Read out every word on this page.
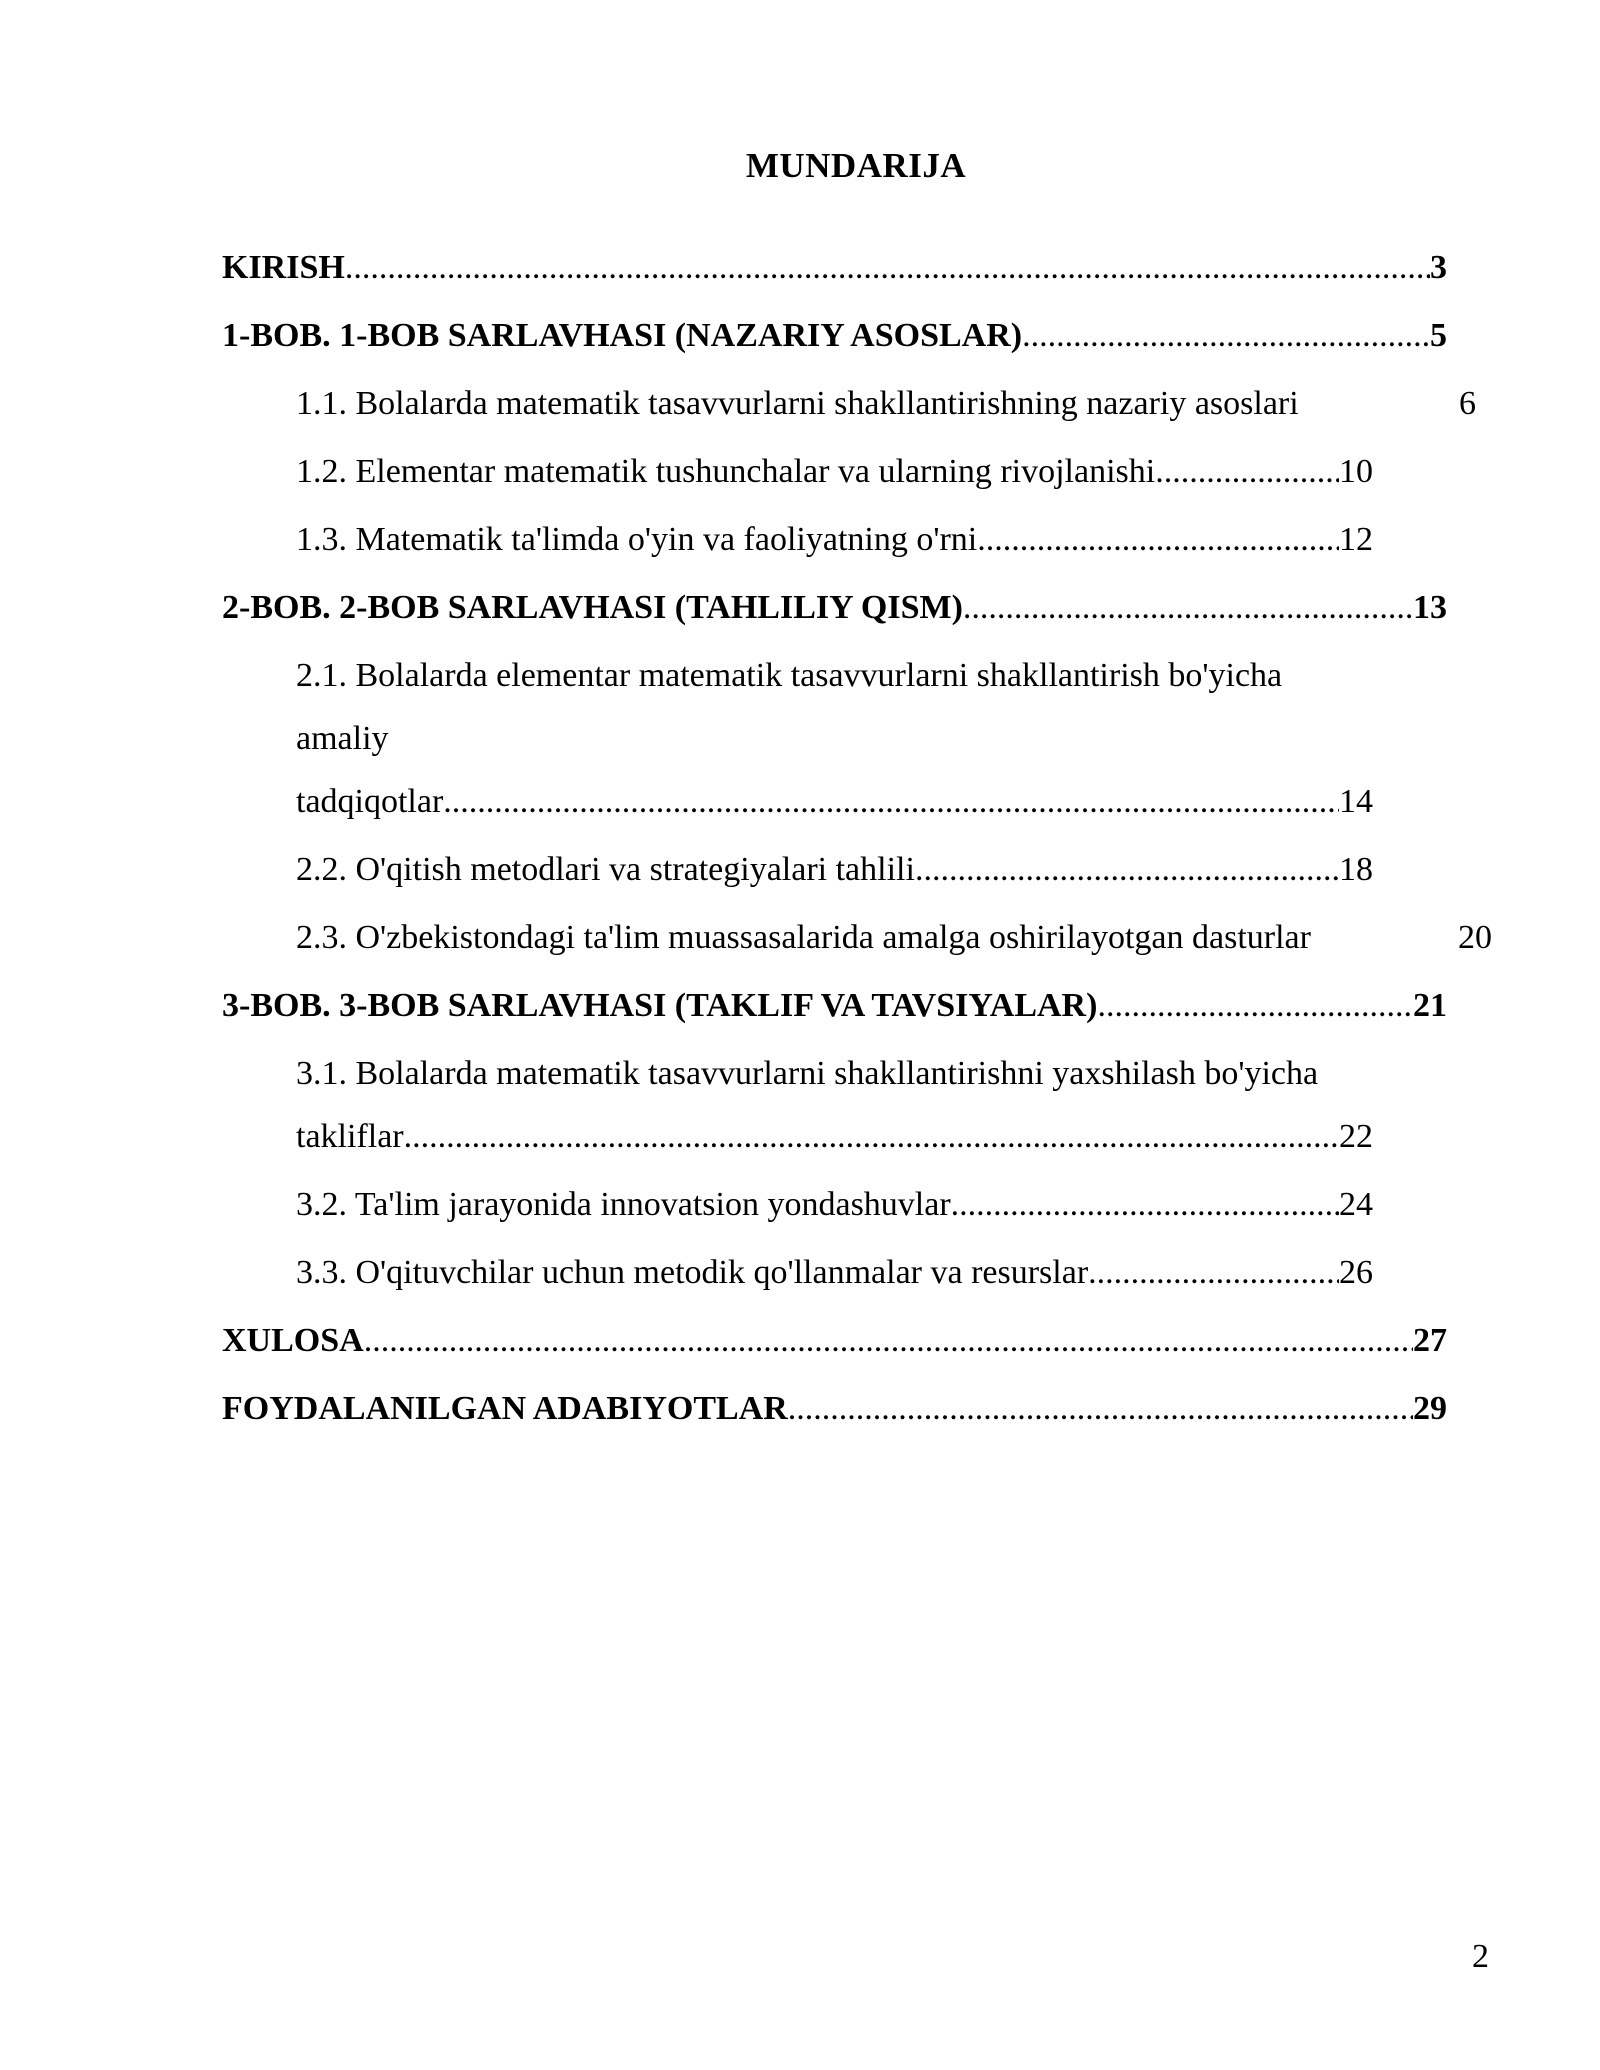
MUNDARIJA
KIRISH .....	3
1-BOB. 1-BOB SARLAVHASI (NAZARIY ASOSLAR) .....	5
1.1. Bolalarda matematik tasavvurlarni shakllantirishning nazariy asoslari	6
1.2. Elementar matematik tushunchalar va ularning rivojlanishi .....	10
1.3. Matematik ta'limda o'yin va faoliyatning o'rni .....	12
2-BOB. 2-BOB SARLAVHASI (TAHLILIY QISM) .....	13
2.1. Bolalarda elementar matematik tasavvurlarni shakllantirish bo'yicha amaliy
tadqiqotlar .....	14
2.2. O'qitish metodlari va strategiyalari tahlili .....	18
2.3. O'zbekistondagi ta'lim muassasalarida amalga oshirilayotgan dasturlar	20
3-BOB. 3-BOB SARLAVHASI (TAKLIF VA TAVSIYALAR) .....	21
3.1. Bolalarda matematik tasavvurlarni shakllantirishni yaxshilash bo'yicha
takliflar .....	22
3.2. Ta'lim jarayonida innovatsion yondashuvlar .....	24
3.3. O'qituvchilar uchun metodik qo'llanmalar va resurslar .....	26
XULOSA .....	27
FOYDALANILGAN ADABIYOTLAR .....	29
2
